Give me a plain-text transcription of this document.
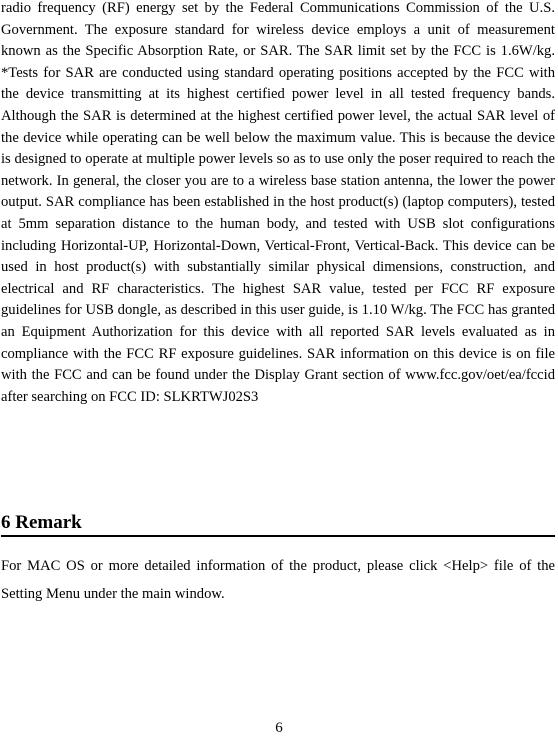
radio frequency (RF) energy set by the Federal Communications Commission of the U.S. Government. The exposure standard for wireless device employs a unit of measurement known as the Specific Absorption Rate, or SAR. The SAR limit set by the FCC is 1.6W/kg. *Tests for SAR are conducted using standard operating positions accepted by the FCC with the device transmitting at its highest certified power level in all tested frequency bands. Although the SAR is determined at the highest certified power level, the actual SAR level of the device while operating can be well below the maximum value. This is because the device is designed to operate at multiple power levels so as to use only the poser required to reach the network. In general, the closer you are to a wireless base station antenna, the lower the power output. SAR compliance has been established in the host product(s) (laptop computers), tested at 5mm separation distance to the human body, and tested with USB slot configurations including Horizontal-UP, Horizontal-Down, Vertical-Front, Vertical-Back. This device can be used in host product(s) with substantially similar physical dimensions, construction, and electrical and RF characteristics. The highest SAR value, tested per FCC RF exposure guidelines for USB dongle, as described in this user guide, is 1.10 W/kg. The FCC has granted an Equipment Authorization for this device with all reported SAR levels evaluated as in compliance with the FCC RF exposure guidelines. SAR information on this device is on file with the FCC and can be found under the Display Grant section of www.fcc.gov/oet/ea/fccid after searching on FCC ID: SLKRTWJ02S3

6 Remark

For MAC OS or more detailed information of the product, please click <Help> file of the Setting Menu under the main window.

6
